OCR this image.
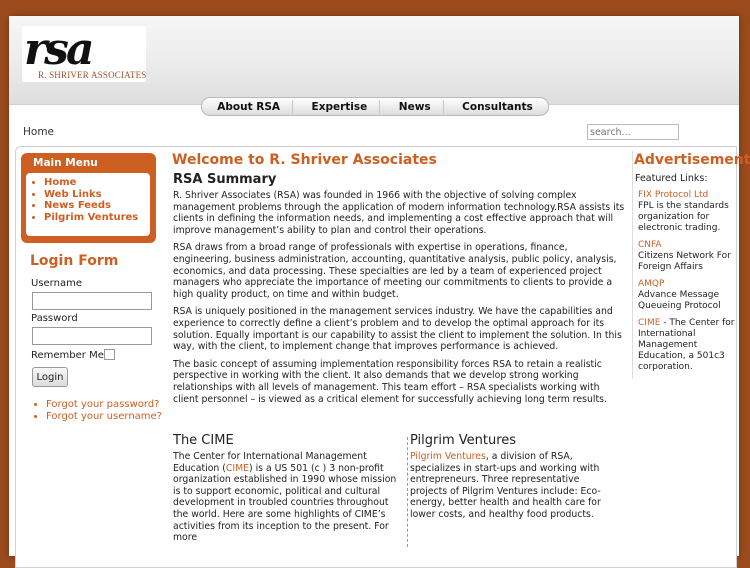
rsa
R. SHRIVER ASSOCIATES
About RSA	Expertise	News	Consultants
Home
search...
Main Menu
• Home
• Web Links
• News Feeds
• Pilgrim Ventures
Login Form
Username
Password
Remember Me
Login
• Forgot your password?
• Forgot your username?
Welcome to R. Shriver Associates
RSA Summary

R. Shriver Associates (RSA) was founded in 1966 with the objective of solving complex management problems through the application of modern information technology.RSA assists its clients in defining the information needs, and implementing a cost effective approach that will improve management’s ability to plan and control their operations.

RSA draws from a broad range of professionals with expertise in operations, finance, engineering, business administration, accounting, quantitative analysis, public policy, analysis, economics, and data processing. These specialties are led by a team of experienced project managers who appreciate the importance of meeting our commitments to clients to provide a high quality product, on time and within budget.

RSA is uniquely positioned in the management services industry. We have the capabilities and experience to correctly define a client’s problem and to develop the optimal approach for its solution. Equally important is our capability to assist the client to implement the solution. In this way, with the client, to implement change that improves performance is achieved.

The basic concept of assuming implementation responsibility forces RSA to retain a realistic perspective in working with the client. It also demands that we develop strong working relationships with all levels of management. This team effort – RSA specialists working with client personnel – is viewed as a critical element for successfully achieving long term results.

The CIME

The Center for International Management Education (CIME) is a US 501 (c ) 3 non-profit organization established in 1990 whose mission is to support economic, political and cultural development in troubled countries throughout the world. Here are some highlights of CIME’s activities from its inception to the present. For more

Pilgrim Ventures

Pilgrim Ventures, a division of RSA, specializes in start-ups and working with entrepreneurs. Three representative projects of Pilgrim Ventures include: Eco-energy, better health and health care for lower costs, and healthy food products.

Advertisement
Featured Links:
FIX Protocol Ltd
FPL is the standards organization for electronic trading.
CNFA
Citizens Network For Foreign Affairs
AMQP
Advance Message Queueing Protocol
CIME - The Center for International Management Education, a 501c3 corporation.
